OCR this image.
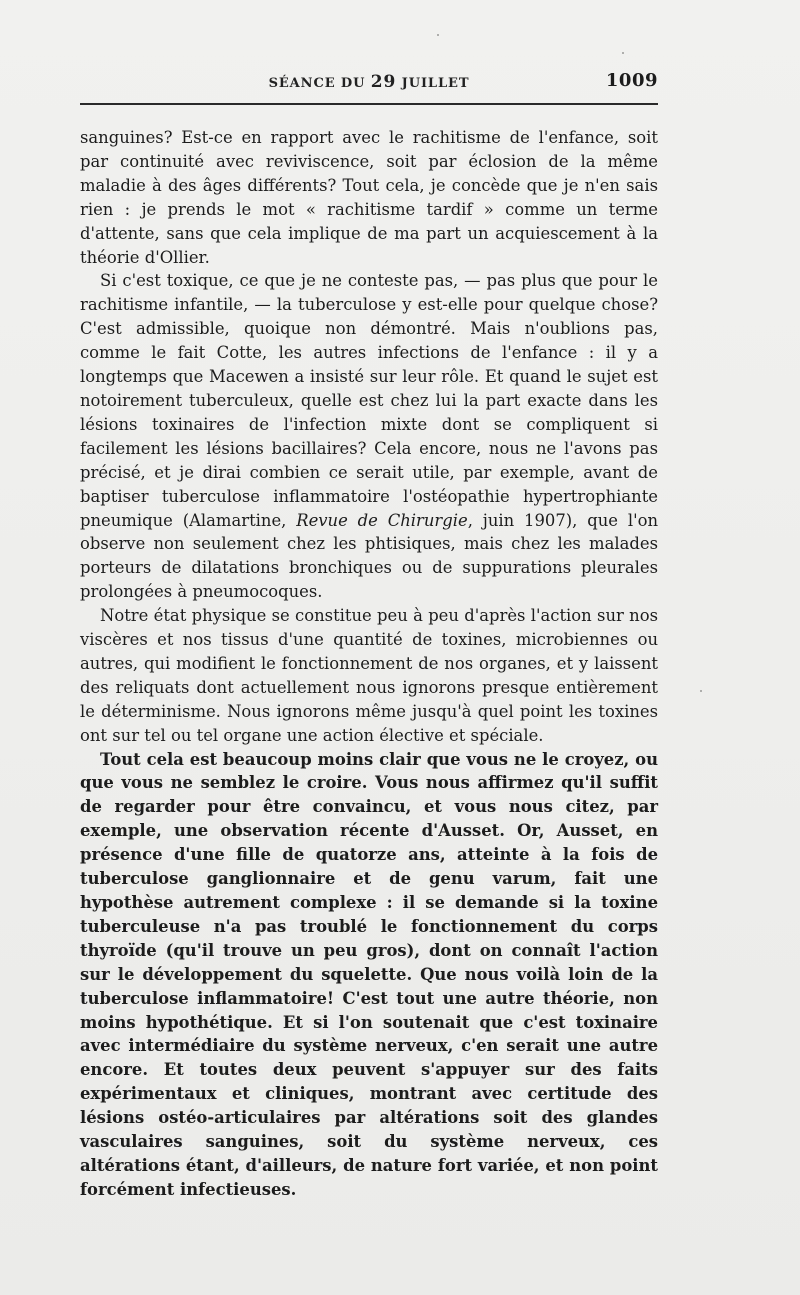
SÉANCE DU 29 JUILLET	1009

sanguines? Est-ce en rapport avec le rachitisme de l'enfance, soit par continuité avec reviviscence, soit par éclosion de la même maladie à des âges différents? Tout cela, je concède que je n'en sais rien : je prends le mot « rachitisme tardif » comme un terme d'attente, sans que cela implique de ma part un acquiescement à la théorie d'Ollier.

Si c'est toxique, ce que je ne conteste pas, — pas plus que pour le rachitisme infantile, — la tuberculose y est-elle pour quelque chose? C'est admissible, quoique non démontré. Mais n'oublions pas, comme le fait Cotte, les autres infections de l'enfance : il y a longtemps que Macewen a insisté sur leur rôle. Et quand le sujet est notoirement tuberculeux, quelle est chez lui la part exacte dans les lésions toxinaires de l'infection mixte dont se compliquent si facilement les lésions bacillaires? Cela encore, nous ne l'avons pas précisé, et je dirai combien ce serait utile, par exemple, avant de baptiser tuberculose inflammatoire l'ostéopathie hypertrophiante pneumique (Alamartine, Revue de Chirurgie, juin 1907), que l'on observe non seulement chez les phtisiques, mais chez les malades porteurs de dilatations bronchiques ou de suppurations pleurales prolongées à pneumocoques.

Notre état physique se constitue peu à peu d'après l'action sur nos viscères et nos tissus d'une quantité de toxines, microbiennes ou autres, qui modifient le fonctionnement de nos organes, et y laissent des reliquats dont actuellement nous ignorons presque entièrement le déterminisme. Nous ignorons même jusqu'à quel point les toxines ont sur tel ou tel organe une action élective et spéciale.

Tout cela est beaucoup moins clair que vous ne le croyez, ou que vous ne semblez le croire. Vous nous affirmez qu'il suffit de regarder pour être convaincu, et vous nous citez, par exemple, une observation récente d'Ausset. Or, Ausset, en présence d'une fille de quatorze ans, atteinte à la fois de tuberculose ganglionnaire et de genu varum, fait une hypothèse autrement complexe : il se demande si la toxine tuberculeuse n'a pas troublé le fonctionnement du corps thyroïde (qu'il trouve un peu gros), dont on connaît l'action sur le développement du squelette. Que nous voilà loin de la tuberculose inflammatoire! C'est tout une autre théorie, non moins hypothétique. Et si l'on soutenait que c'est toxinaire avec intermédiaire du système nerveux, c'en serait une autre encore. Et toutes deux peuvent s'appuyer sur des faits expérimentaux et cliniques, montrant avec certitude des lésions ostéo-articulaires par altérations soit des glandes vasculaires sanguines, soit du système nerveux, ces altérations étant, d'ailleurs, de nature fort variée, et non point forcément infectieuses.
